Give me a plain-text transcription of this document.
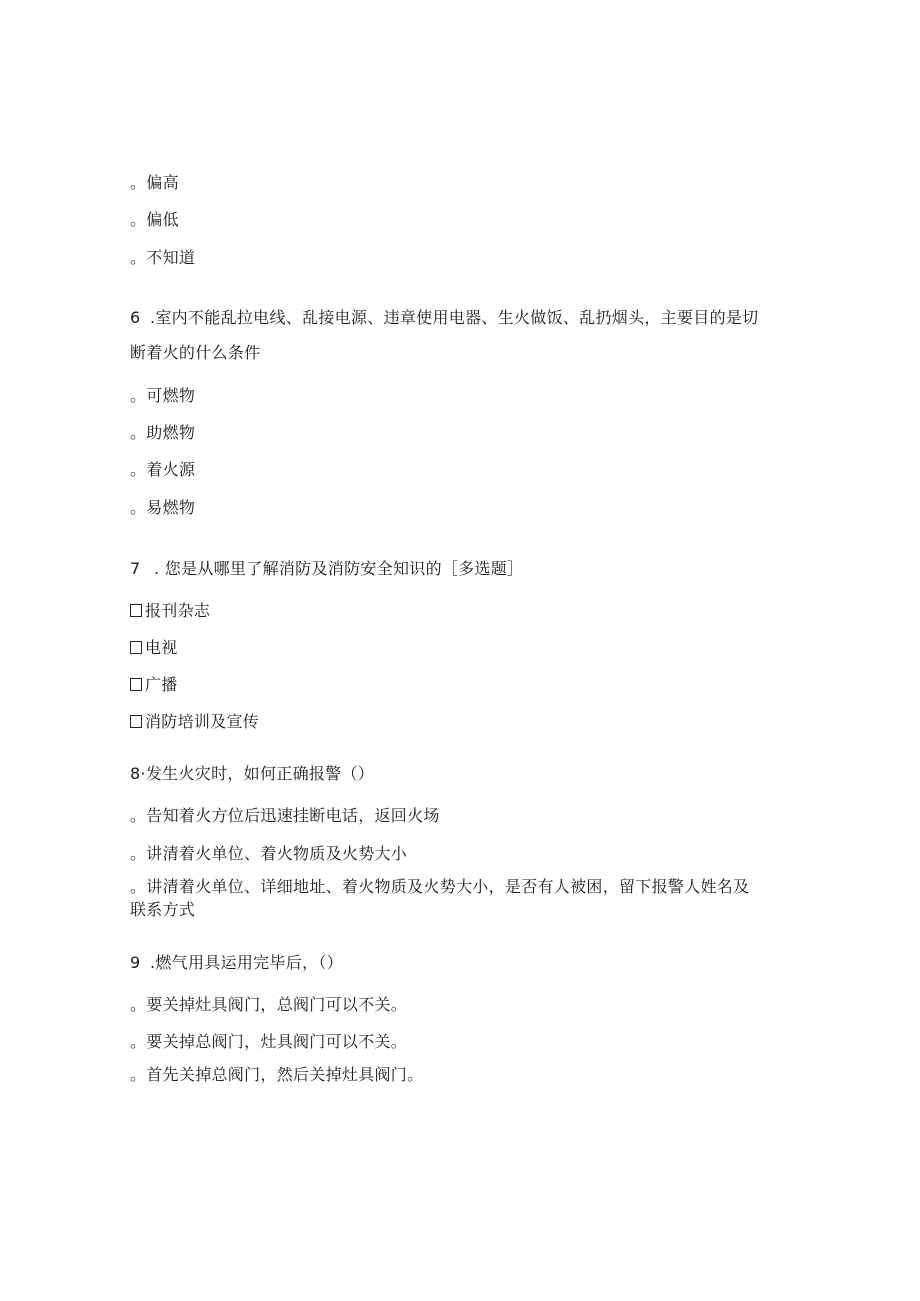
。偏高
。偏低
。不知道
6 .室内不能乱拉电线、乱接电源、违章使用电器、生火做饭、乱扔烟头，主要目的是切
断着火的什么条件
。可燃物
。助燃物
。着火源
。易燃物
7 . 您是从哪里了解消防及消防安全知识的［多选题］
报刊杂志
电视
广播
消防培训及宣传
8·发生火灾时，如何正确报警（）
。告知着火方位后迅速挂断电话，返回火场
。讲清着火单位、着火物质及火势大小
。讲清着火单位、详细地址、着火物质及火势大小，是否有人被困，留下报警人姓名及
联系方式
9 .燃气用具运用完毕后，（）
。要关掉灶具阀门，总阀门可以不关。
。要关掉总阀门，灶具阀门可以不关。
。首先关掉总阀门，然后关掉灶具阀门。
